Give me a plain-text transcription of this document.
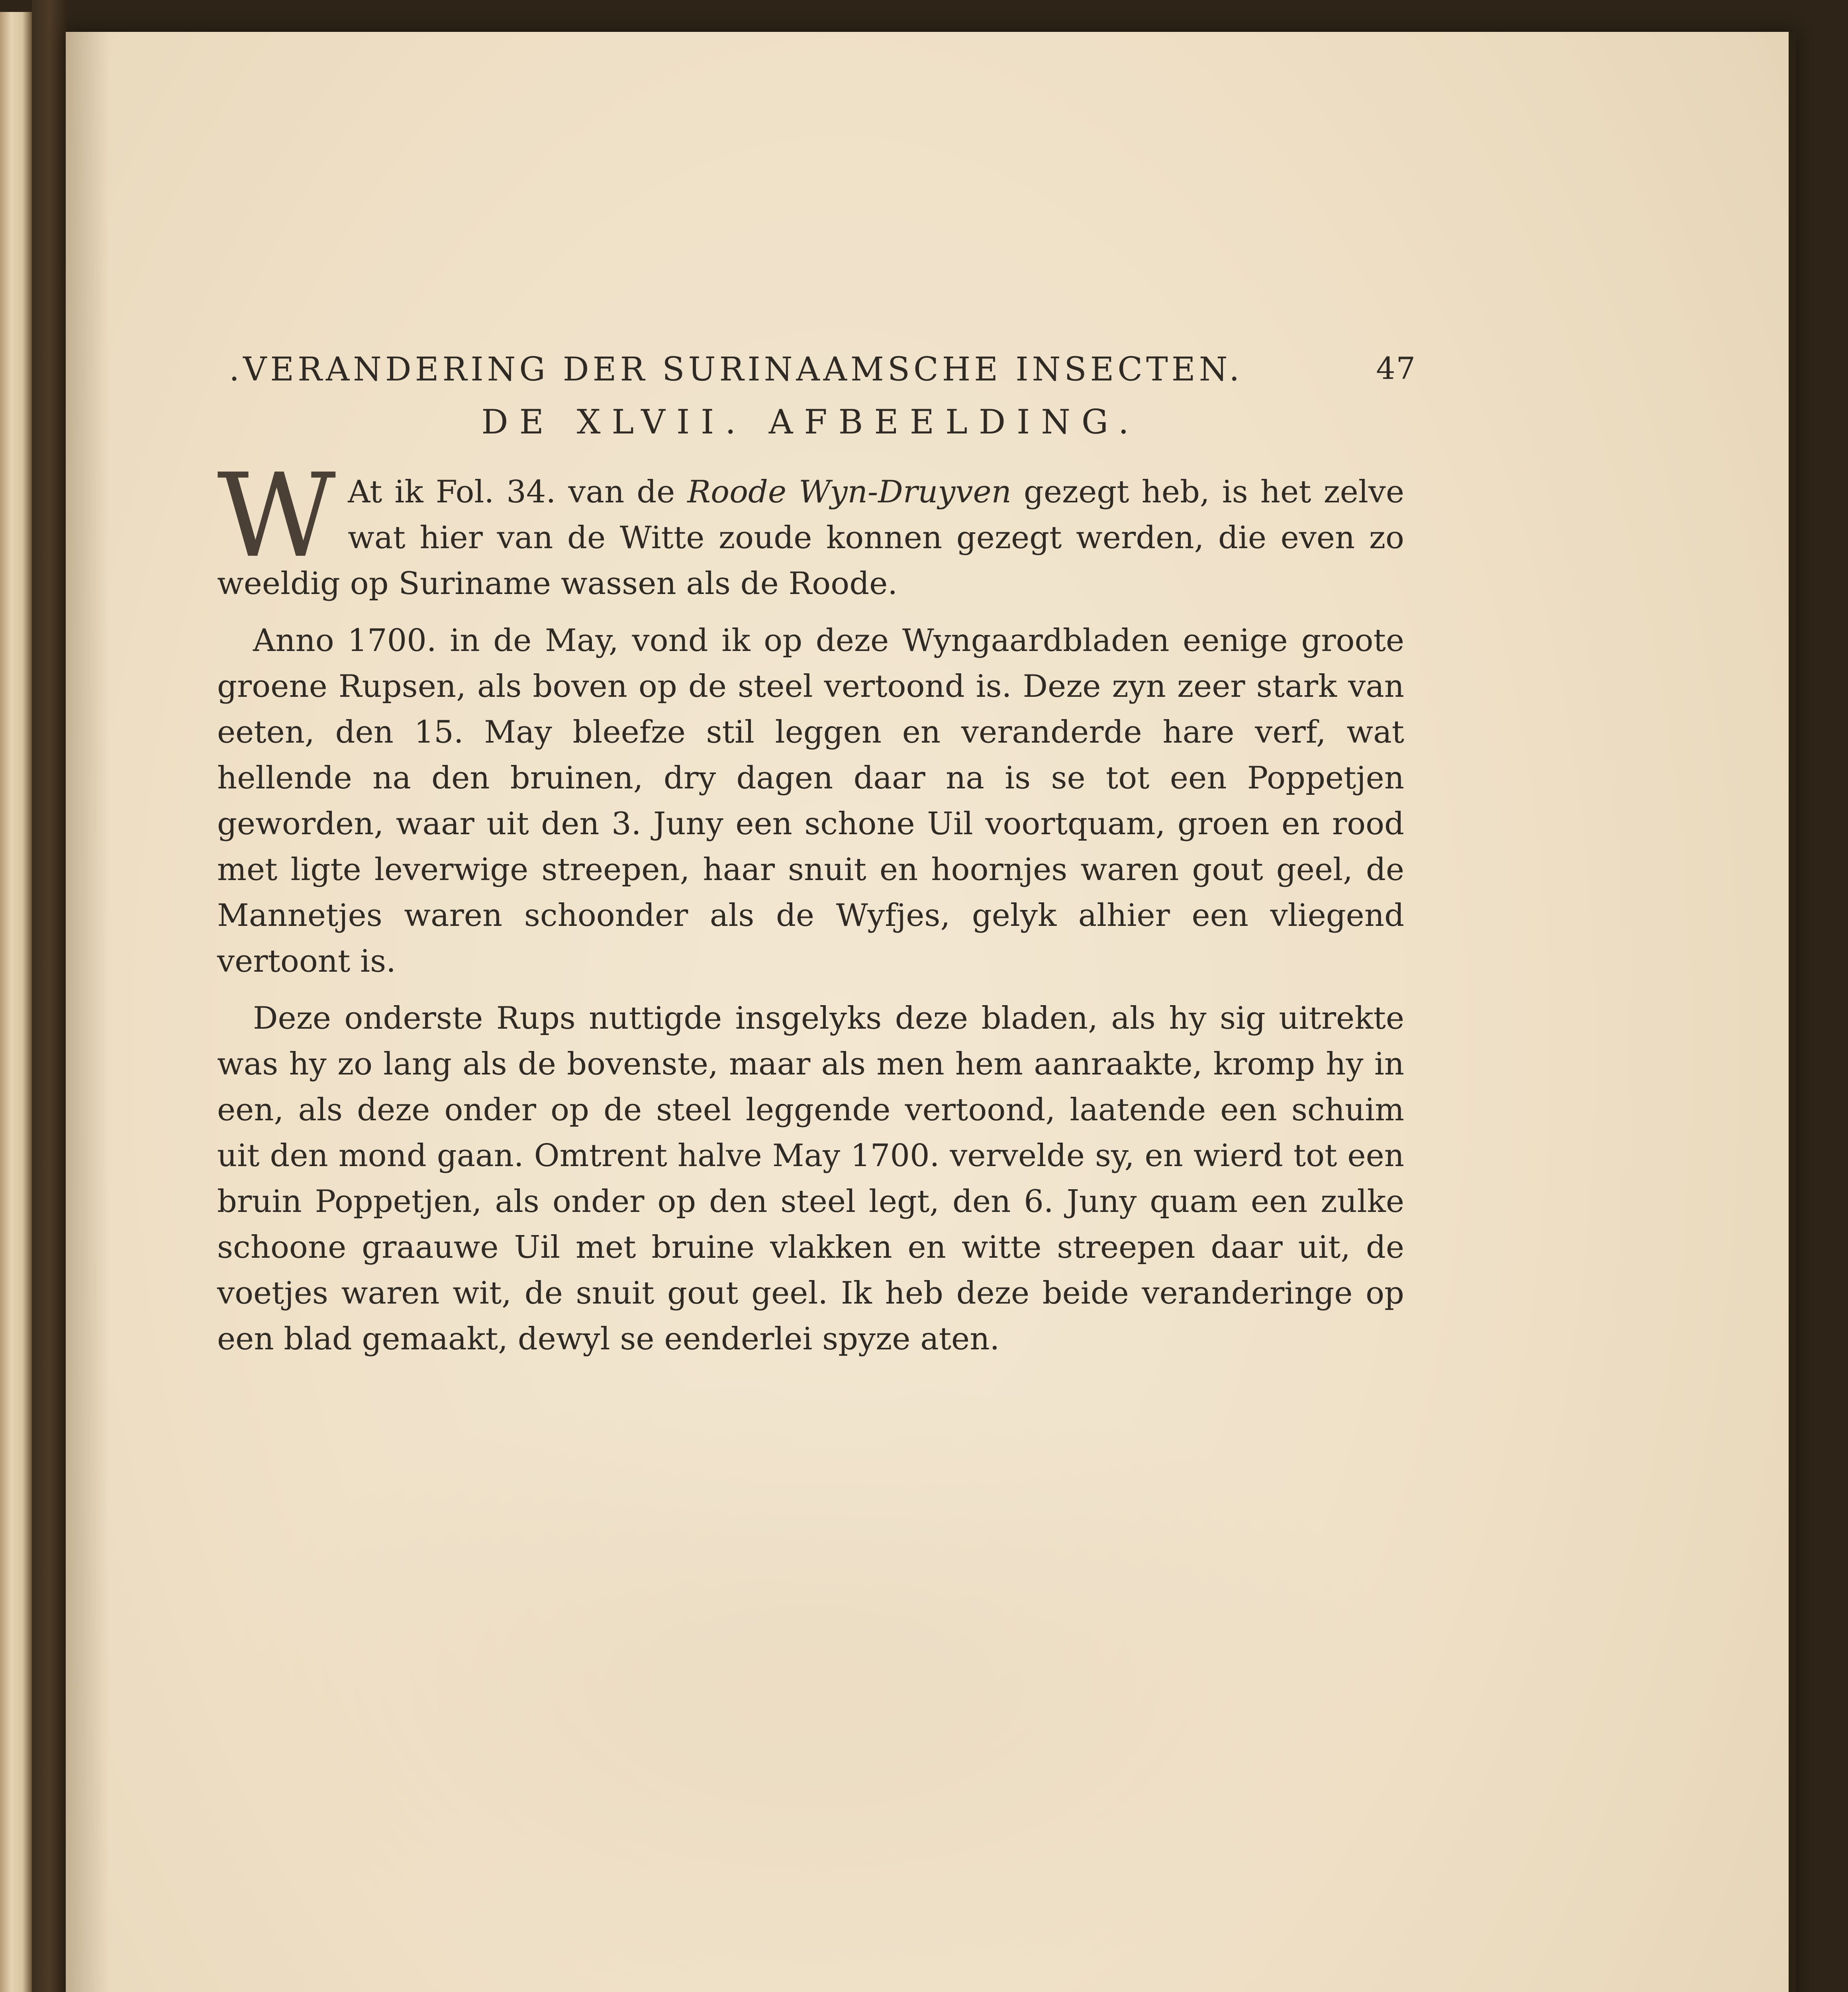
.VERANDERING DER SURINAAMSCHE INSECTEN.	47
DE XLVII. AFBEELDING.

W At ik Fol. 34. van de Roode Wyn-Druyven gezegt heb, is het zelve wat hier van de Witte zoude konnen gezegt werden, die even zo weeldig op Suriname wassen als de Roode.

Anno 1700. in de May, vond ik op deze Wyngaardbladen eenige groote groene Rupsen, als boven op de steel vertoond is. Deze zyn zeer stark van eeten, den 15. May bleefze stil leggen en veranderde hare verf, wat hellende na den bruinen, dry dagen daar na is se tot een Poppetjen geworden, waar uit den 3. Juny een schone Uil voortquam, groen en rood met ligte leverwige streepen, haar snuit en hoornjes waren gout geel, de Mannetjes waren schoonder als de Wyfjes, gelyk alhier een vliegend vertoont is.

Deze onderste Rups nuttigde insgelyks deze bladen, als hy sig uitrekte was hy zo lang als de bovenste, maar als men hem aanraakte, kromp hy in een, als deze onder op de steel leggende vertoond, laatende een schuim uit den mond gaan. Omtrent halve May 1700. vervelde sy, en wierd tot een bruin Poppetjen, als onder op den steel legt, den 6. Juny quam een zulke schoone graauwe Uil met bruine vlakken en witte streepen daar uit, de voetjes waren wit, de snuit gout geel. Ik heb deze beide veranderinge op een blad gemaakt, dewyl se eenderlei spyze aten.
